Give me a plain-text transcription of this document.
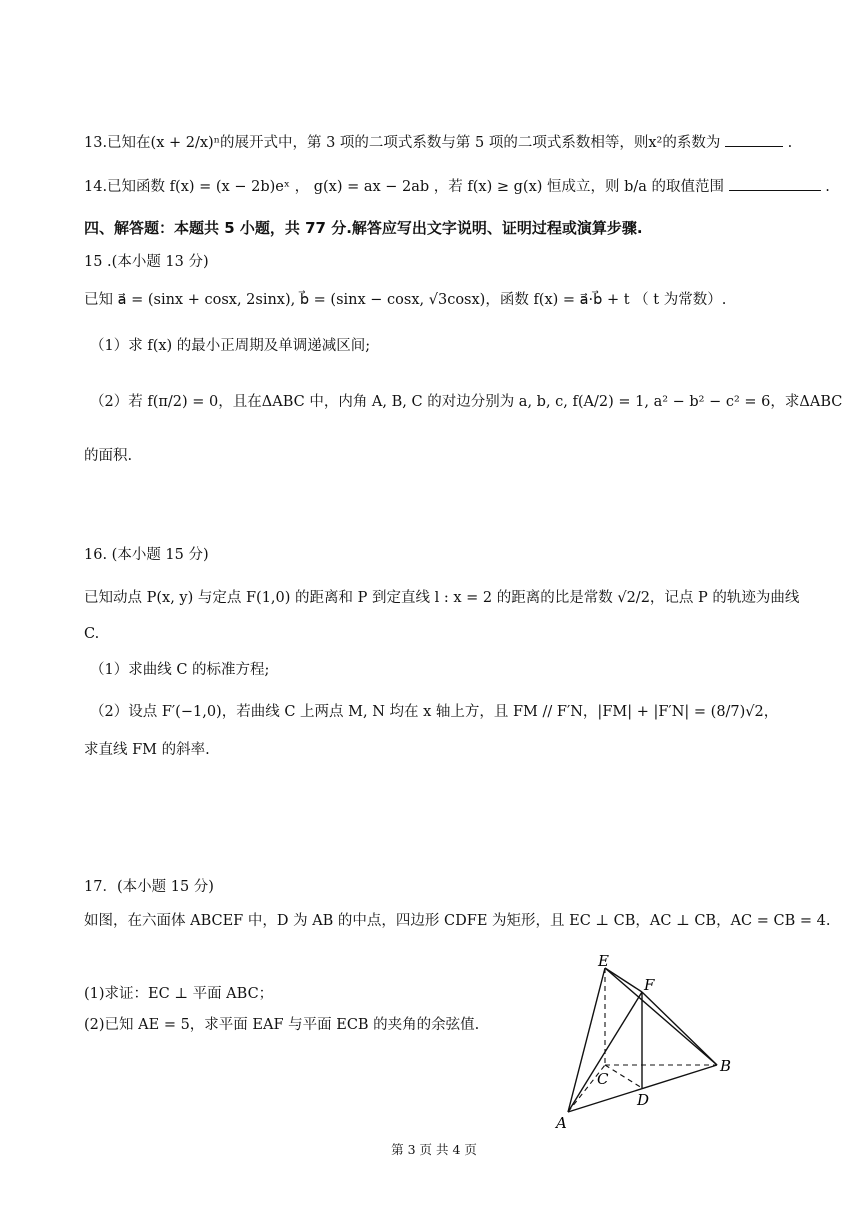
13.已知在(x + 2/x)ⁿ的展开式中，第 3 项的二项式系数与第 5 项的二项式系数相等，则x²的系数为	.
14.已知函数 f(x) = (x − 2b)eˣ ， g(x) = ax − 2ab ，若 f(x) ≥ g(x) 恒成立，则 b/a 的取值范围	.
四、解答题：本题共 5 小题，共 77 分.解答应写出文字说明、证明过程或演算步骤.
15 .(本小题 13 分)
已知 a⃗ = (sinx + cosx, 2sinx), b⃗ = (sinx − cosx, √3cosx)，函数 f(x) = a⃗·b⃗ + t （ t 为常数）.
（1）求 f(x) 的最小正周期及单调递减区间;
（2）若 f(π/2) = 0，且在ΔABC 中，内角 A, B, C 的对边分别为 a, b, c, f(A/2) = 1, a² − b² − c² = 6，求ΔABC
的面积.
16. (本小题 15 分)
已知动点 P(x, y) 与定点 F(1,0) 的距离和 P 到定直线 l : x = 2 的距离的比是常数 √2/2，记点 P 的轨迹为曲线
C.
（1）求曲线 C 的标准方程;
（2）设点 F′(−1,0)，若曲线 C 上两点 M, N 均在 x 轴上方，且 FM // F′N，|FM| + |F′N| = (8/7)√2，
求直线 FM 的斜率.
17．(本小题 15 分)
如图，在六面体 ABCEF 中，D 为 AB 的中点，四边形 CDFE 为矩形，且 EC ⊥ CB，AC ⊥ CB，AC = CB = 4.
(1)求证：EC ⊥ 平面 ABC；
(2)已知 AE = 5，求平面 EAF 与平面 ECB 的夹角的余弦值.
E
F
C
B
D
A
第 3 页 共 4 页
